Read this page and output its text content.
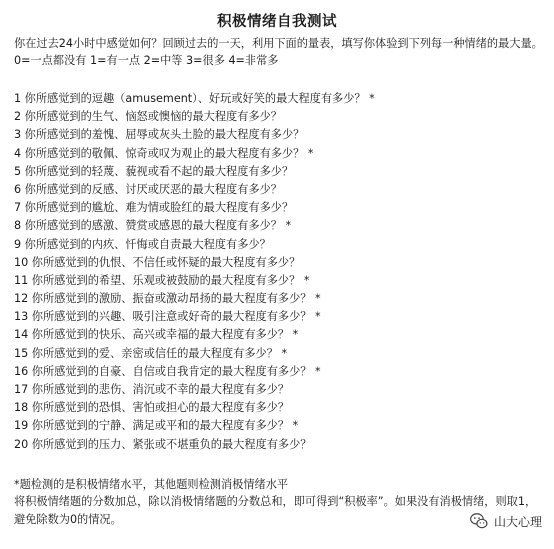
积极情绪自我测试

你在过去24小时中感觉如何？回顾过去的一天，利用下面的量表，填写你体验到下列每一种情绪的最大量。

0=一点都没有 1=有一点 2=中等 3=很多 4=非常多

1 你所感觉到的逗趣（amusement）、好玩或好笑的最大程度有多少？ *
2 你所感觉到的生气、恼怒或懊恼的最大程度有多少？
3 你所感觉到的羞愧、屈辱或灰头土脸的最大程度有多少？
4 你所感觉到的敬佩、惊奇或叹为观止的最大程度有多少？ *
5 你所感觉到的轻蔑、藐视或看不起的最大程度有多少？
6 你所感觉到的反感、讨厌或厌恶的最大程度有多少？
7 你所感觉到的尴尬、难为情或脸红的最大程度有多少？
8 你所感觉到的感激、赞赏或感恩的最大程度有多少？ *
9 你所感觉到的内疚、忏悔或自责最大程度有多少？
10 你所感觉到的仇恨、不信任或怀疑的最大程度有多少？
11 你所感觉到的希望、乐观或被鼓励的最大程度有多少？ *
12 你所感觉到的激励、振奋或激动昂扬的最大程度有多少？ *
13 你所感觉到的兴趣、吸引注意或好奇的最大程度有多少？ *
14 你所感觉到的快乐、高兴或幸福的最大程度有多少？ *
15 你所感觉到的爱、亲密或信任的最大程度有多少？ *
16 你所感觉到的自豪、自信或自我肯定的最大程度有多少？ *
17 你所感觉到的悲伤、消沉或不幸的最大程度有多少？
18 你所感觉到的恐惧、害怕或担心的最大程度有多少？
19 你所感觉到的宁静、满足或平和的最大程度有多少？ *
20 你所感觉到的压力、紧张或不堪重负的最大程度有多少？

*题检测的是积极情绪水平，其他题则检测消极情绪水平

将积极情绪题的分数加总，除以消极情绪题的分数总和，即可得到“积极率”。如果没有消极情绪，则取1，

避免除数为0的情况。	山大心理
